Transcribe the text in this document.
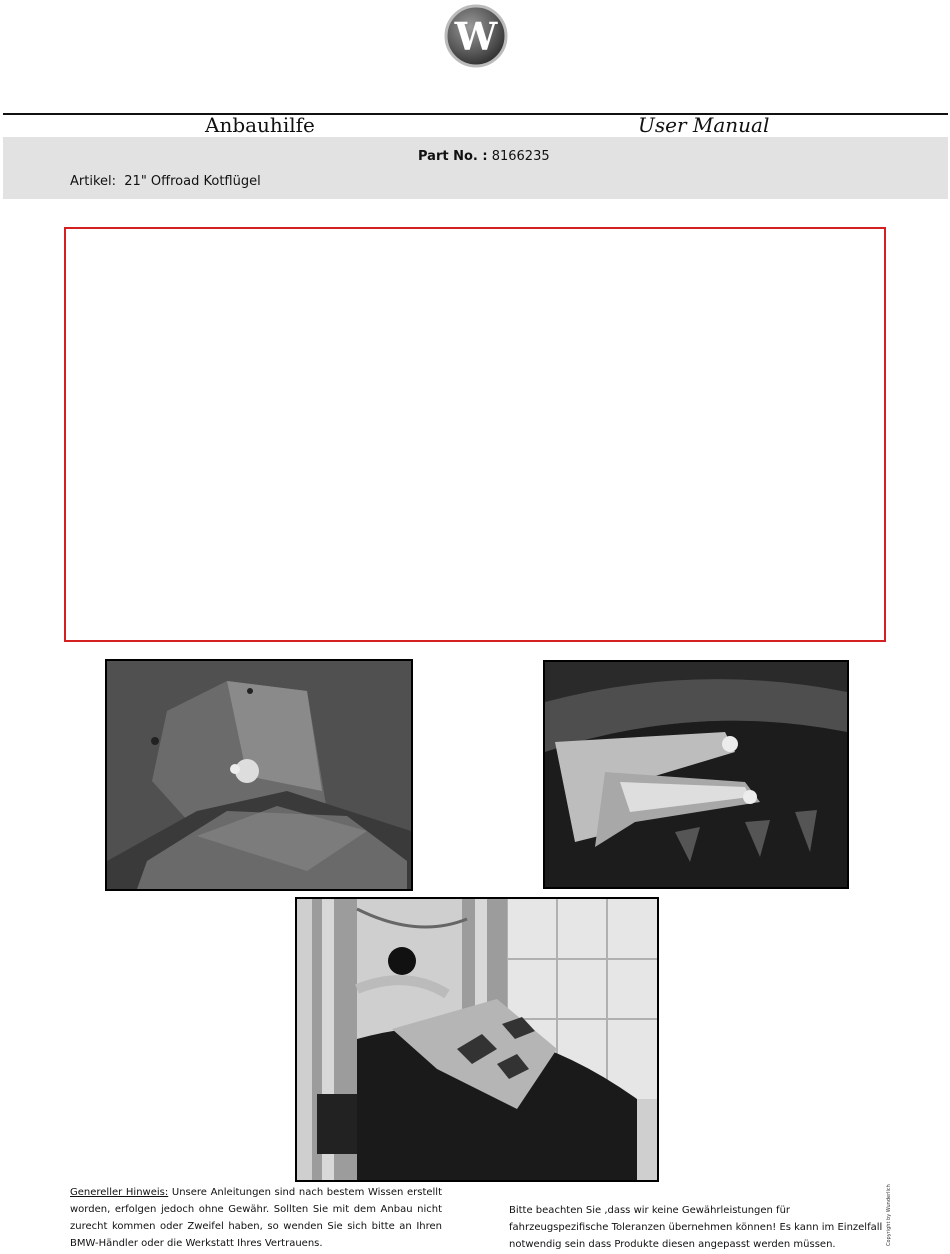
W
Anbauhilfe	User Manual
Part No. : 8166235
Artikel: 21" Offroad Kotflügel
Genereller Hinweis: Unsere Anleitungen sind nach bestem Wissen erstellt worden, erfolgen jedoch ohne Gewähr. Sollten Sie mit dem Anbau nicht zurecht kommen oder Zweifel haben, so wenden Sie sich bitte an Ihren BMW-Händler oder die Werkstatt Ihres Vertrauens.
Bitte beachten Sie ,dass wir keine Gewährleistungen für fahrzeugspezifische Toleranzen übernehmen können! Es kann im Einzelfall notwendig sein dass Produkte diesen angepasst werden müssen.	Copyright by Wunderlich
